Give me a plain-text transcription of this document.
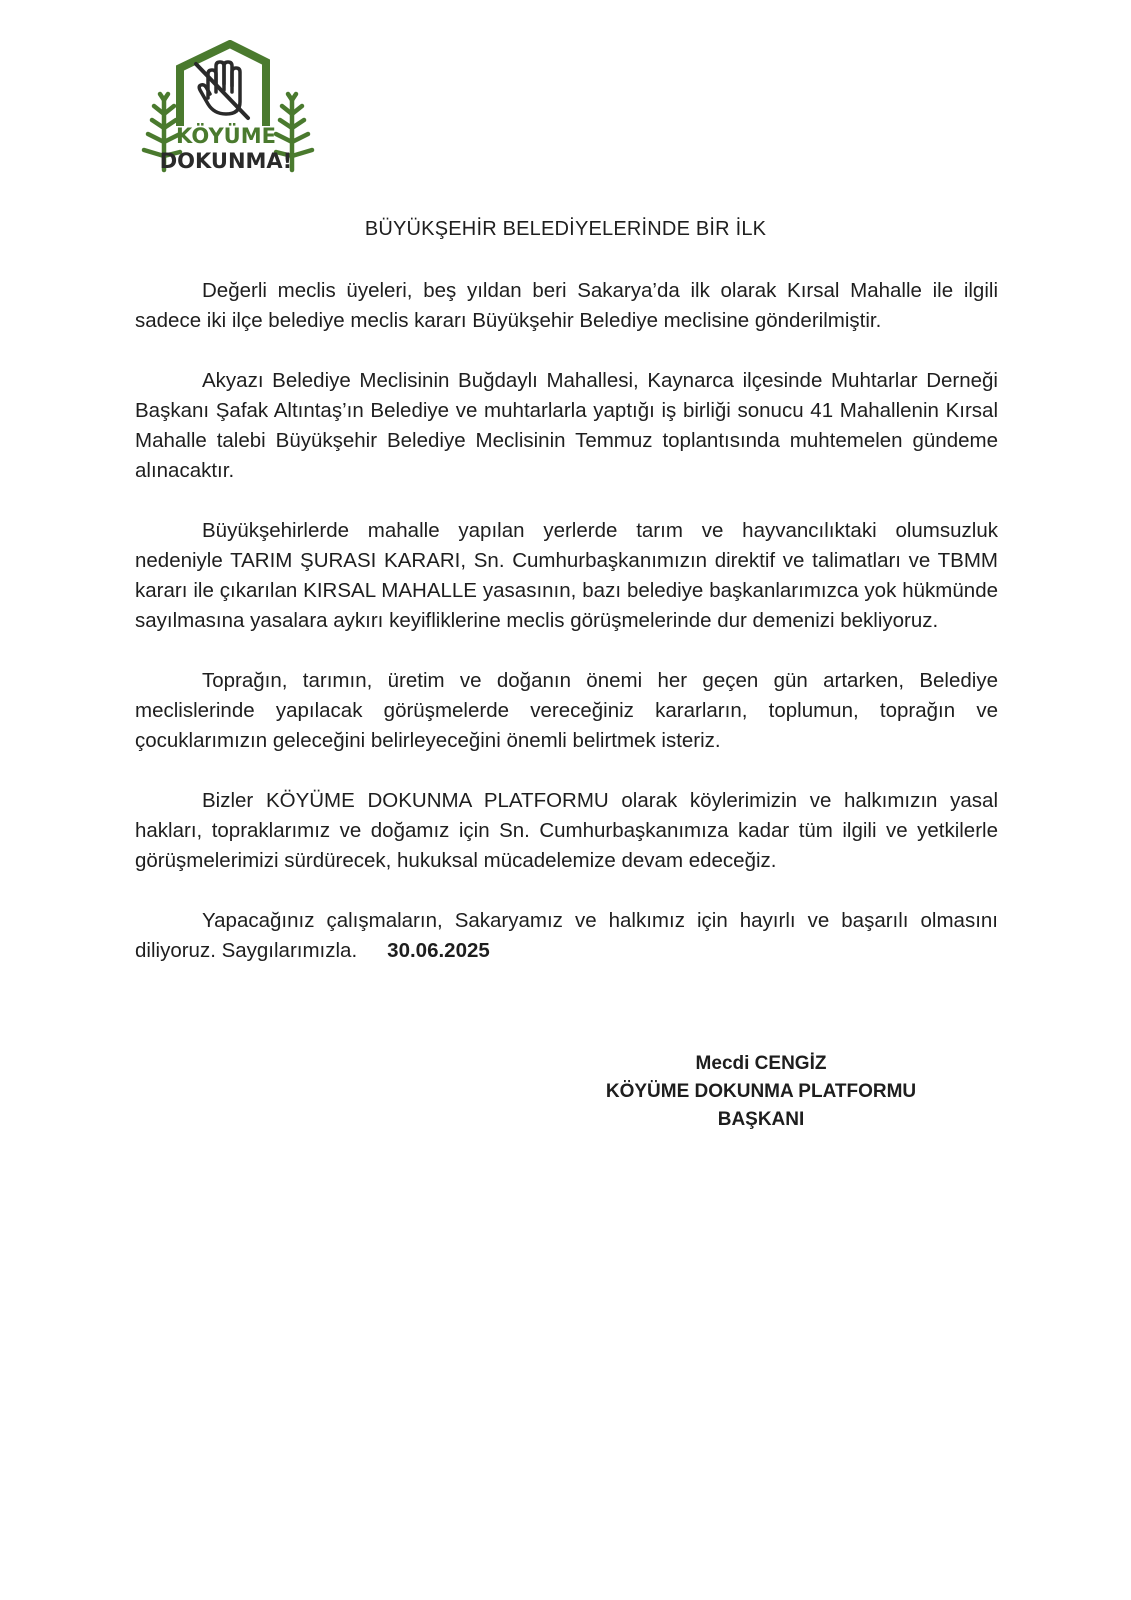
KÖYÜME
DOKUNMA!
BÜYÜKŞEHİR BELEDİYELERİNDE BİR İLK

Değerli meclis üyeleri, beş yıldan beri Sakarya’da ilk olarak Kırsal Mahalle ile ilgili sadece iki ilçe belediye meclis kararı Büyükşehir Belediye meclisine gönderilmiştir.

Akyazı Belediye Meclisinin Buğdaylı Mahallesi, Kaynarca ilçesinde Muhtarlar Derneği Başkanı Şafak Altıntaş’ın Belediye ve muhtarlarla yaptığı iş birliği sonucu 41 Mahallenin Kırsal Mahalle talebi Büyükşehir Belediye Meclisinin Temmuz toplantısında muhtemelen gündeme alınacaktır.

Büyükşehirlerde mahalle yapılan yerlerde tarım ve hayvancılıktaki olumsuzluk nedeniyle TARIM ŞURASI KARARI, Sn. Cumhurbaşkanımızın direktif ve talimatları ve TBMM kararı ile çıkarılan KIRSAL MAHALLE yasasının, bazı belediye başkanlarımızca yok hükmünde sayılmasına yasalara aykırı keyifliklerine meclis görüşmelerinde dur demenizi bekliyoruz.

Toprağın, tarımın, üretim ve doğanın önemi her geçen gün artarken, Belediye meclislerinde yapılacak görüşmelerde vereceğiniz kararların, toplumun, toprağın ve çocuklarımızın geleceğini belirleyeceğini önemli belirtmek isteriz.

Bizler KÖYÜME DOKUNMA PLATFORMU olarak köylerimizin ve halkımızın yasal hakları, topraklarımız ve doğamız için Sn. Cumhurbaşkanımıza kadar tüm ilgili ve yetkilerle görüşmelerimizi sürdürecek, hukuksal mücadelemize devam edeceğiz.

Yapacağınız çalışmaların, Sakaryamız ve halkımız için hayırlı ve başarılı olmasını diliyoruz. Saygılarımızla. 30.06.2025

Mecdi CENGİZ
KÖYÜME DOKUNMA PLATFORMU
BAŞKANI
